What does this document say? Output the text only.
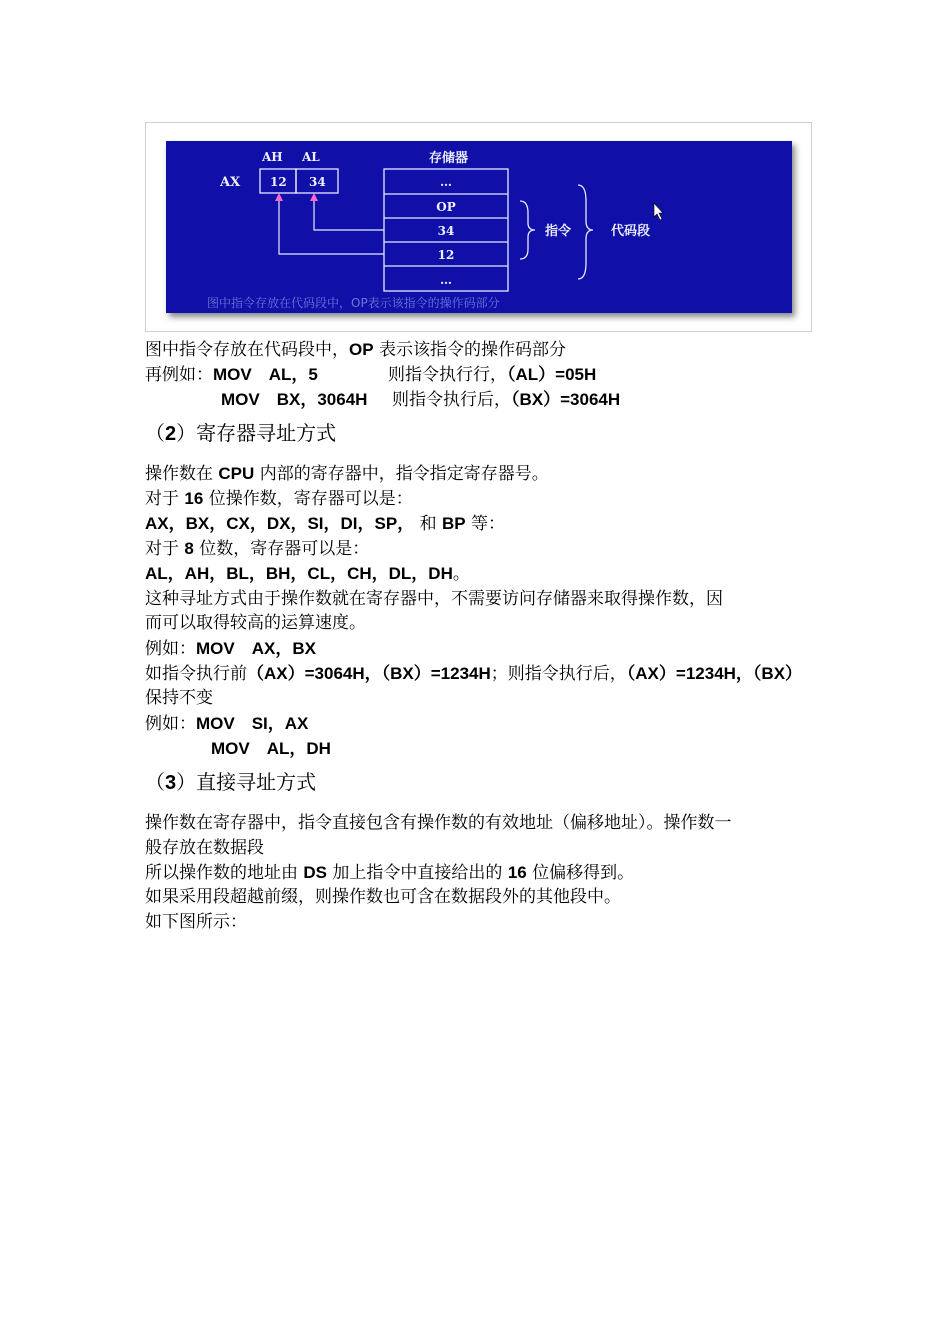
AH AL
AX 12 34
存储器
…
OP
34
12
…
指令	代码段
图中指令存放在代码段中，OP表示该指令的操作码部分
图中指令存放在代码段中，OP 表示该指令的操作码部分
再例如：MOV　AL，5	则指令执行行，（AL）=05H
MOV　BX，3064H 则指令执行后，（BX）=3064H
（2）寄存器寻址方式
操作数在 CPU 内部的寄存器中，指令指定寄存器号。
对于 16 位操作数，寄存器可以是：
AX，BX，CX，DX，SI，DI，SP， 和 BP 等：
对于 8 位数，寄存器可以是：
AL，AH，BL，BH，CL，CH，DL，DH。
这种寻址方式由于操作数就在寄存器中，不需要访问存储器来取得操作数，因
而可以取得较高的运算速度。
例如：MOV　AX，BX
如指令执行前（AX）=3064H，（BX）=1234H；则指令执行后，（AX）=1234H，（BX）
保持不变
例如：MOV　SI，AX
MOV　AL，DH
（3）直接寻址方式
操作数在寄存器中，指令直接包含有操作数的有效地址（偏移地址）。操作数一
般存放在数据段
所以操作数的地址由 DS 加上指令中直接给出的 16 位偏移得到。
如果采用段超越前缀，则操作数也可含在数据段外的其他段中。
如下图所示：
